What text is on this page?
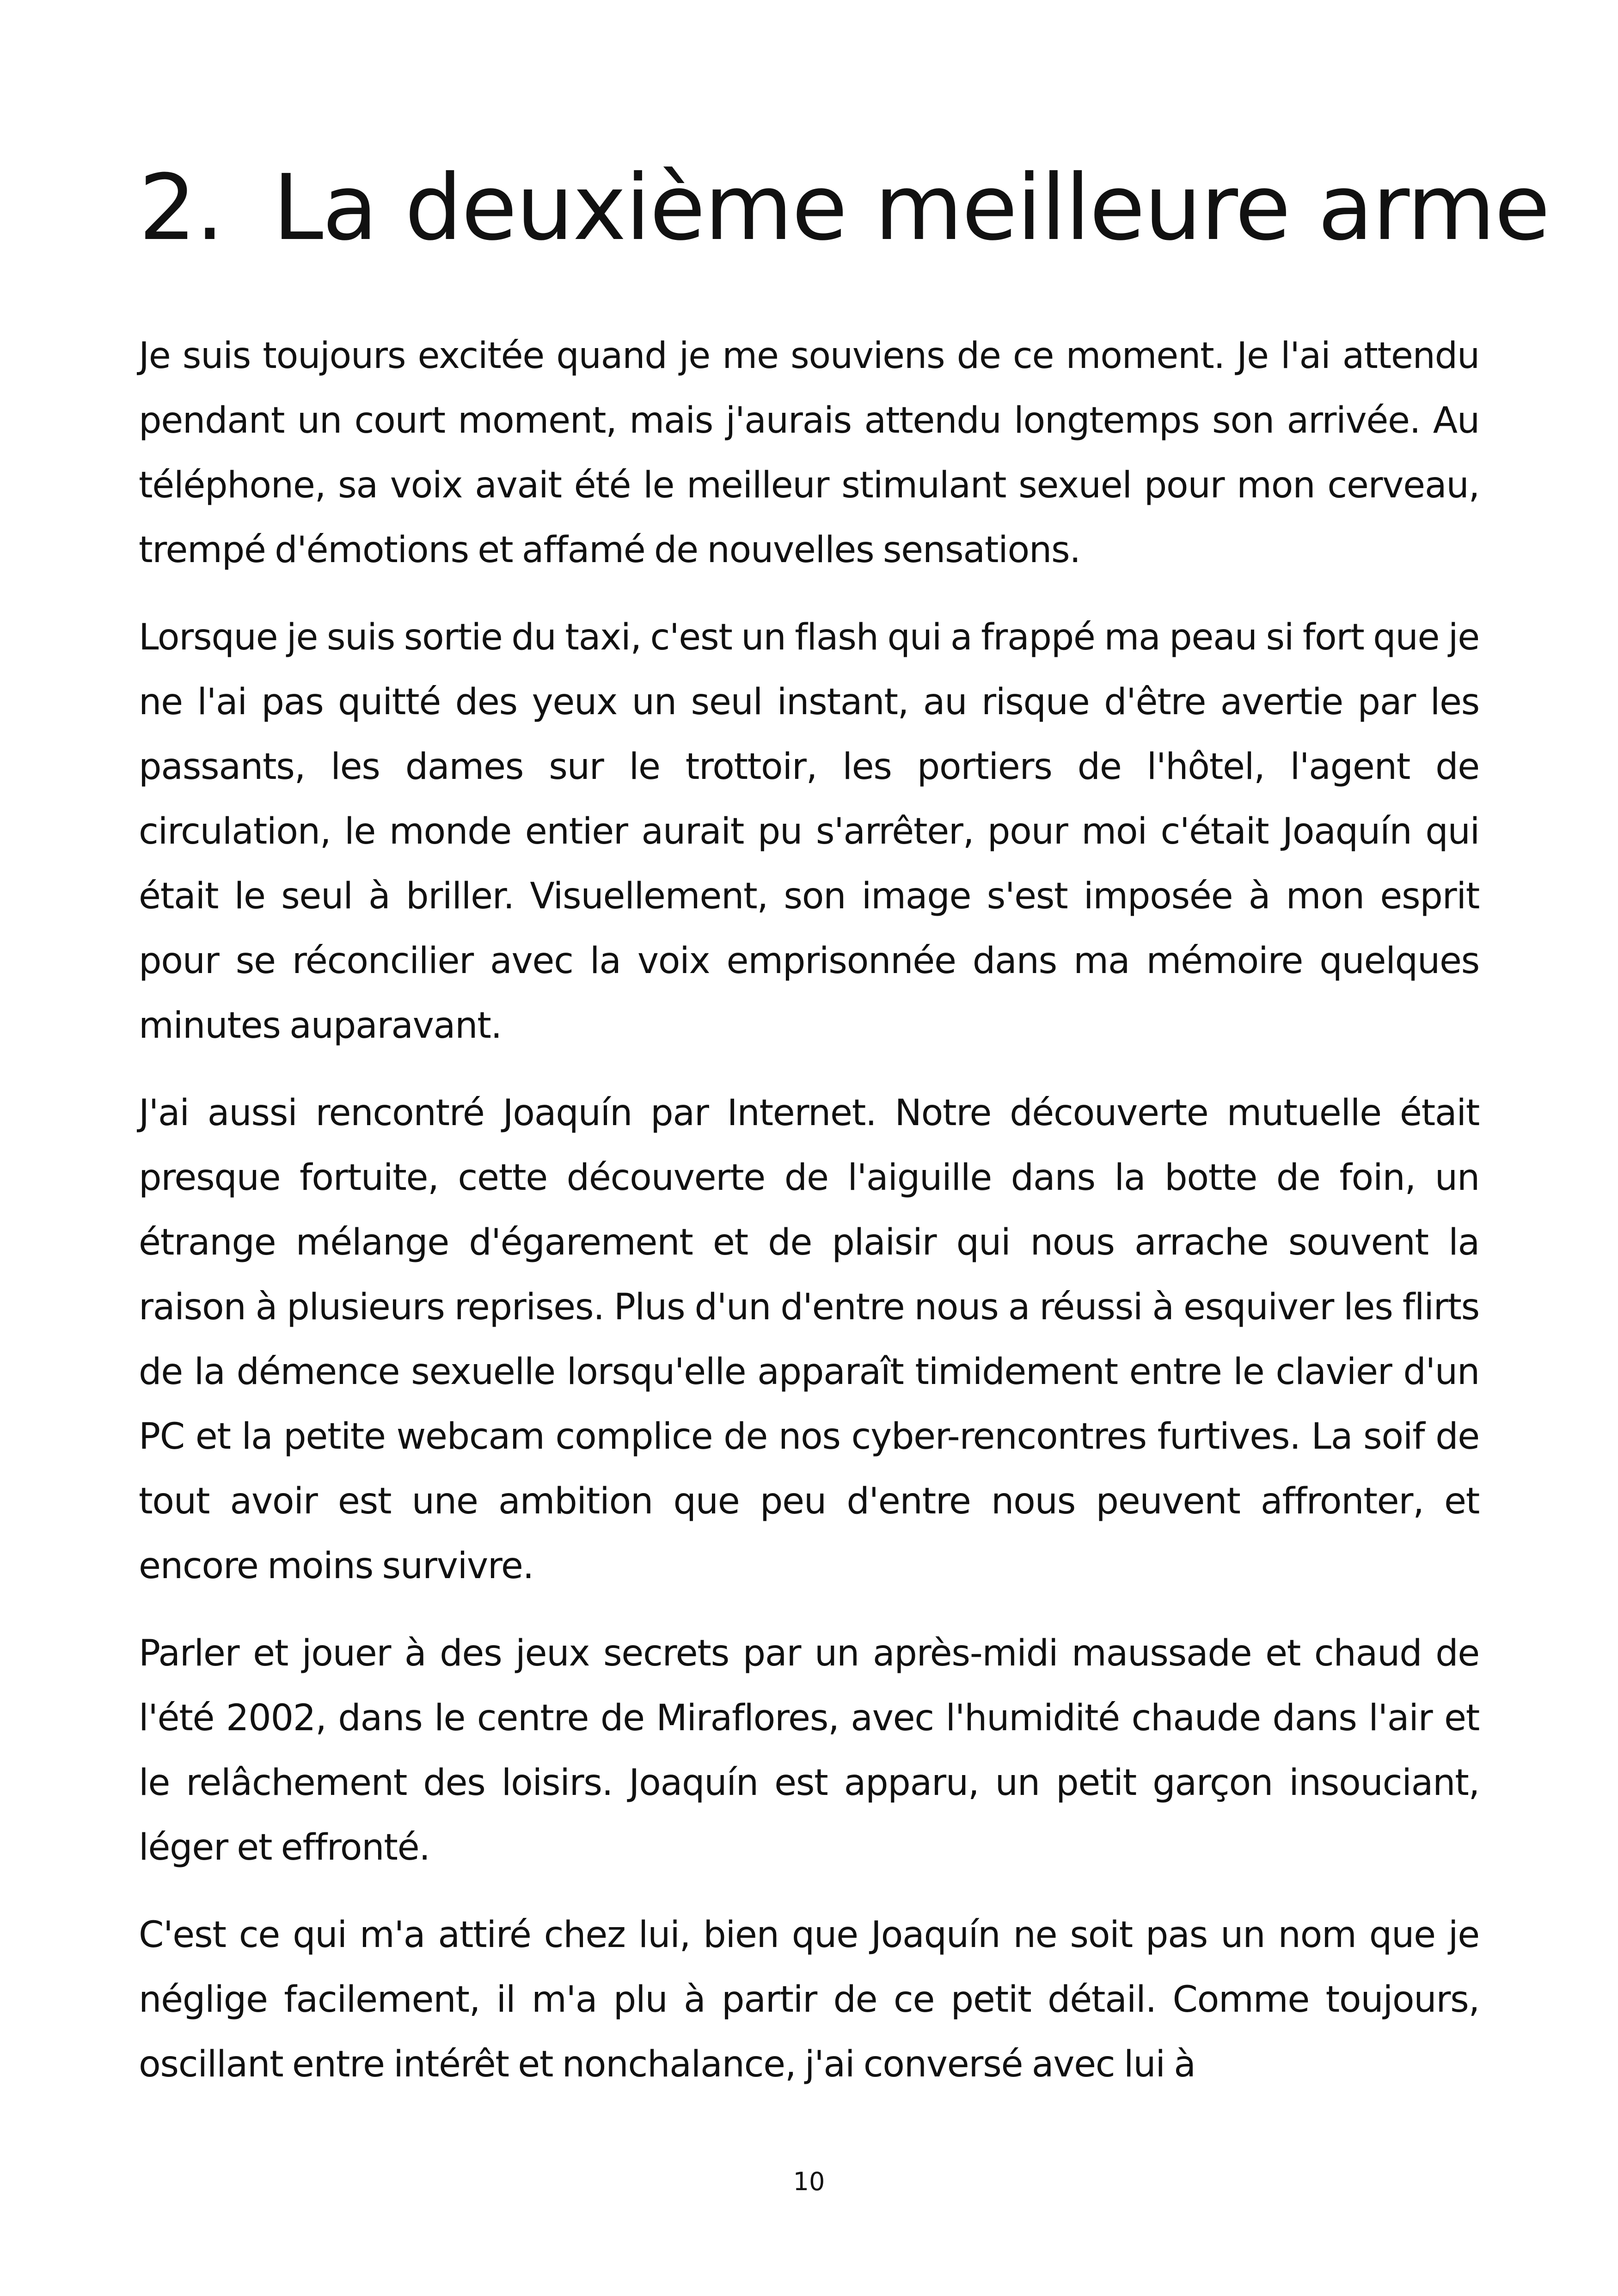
2. La deuxième meilleure arme

Je suis toujours excitée quand je me souviens de ce moment. Je l'ai attendu pendant un court moment, mais j'aurais attendu longtemps son arrivée. Au téléphone, sa voix avait été le meilleur stimulant sexuel pour mon cerveau, trempé d'émotions et affamé de nouvelles sensations.

Lorsque je suis sortie du taxi, c'est un flash qui a frappé ma peau si fort que je ne l'ai pas quitté des yeux un seul instant, au risque d'être avertie par les passants, les dames sur le trottoir, les portiers de l'hôtel, l'agent de circulation, le monde entier aurait pu s'arrêter, pour moi c'était Joaquín qui était le seul à briller. Visuellement, son image s'est imposée à mon esprit pour se réconcilier avec la voix emprisonnée dans ma mémoire quelques minutes auparavant.

J'ai aussi rencontré Joaquín par Internet. Notre découverte mutuelle était presque fortuite, cette découverte de l'aiguille dans la botte de foin, un étrange mélange d'égarement et de plaisir qui nous arrache souvent la raison à plusieurs reprises. Plus d'un d'entre nous a réussi à esquiver les flirts de la démence sexuelle lorsqu'elle apparaît timidement entre le clavier d'un PC et la petite webcam complice de nos cyber-rencontres furtives. La soif de tout avoir est une ambition que peu d'entre nous peuvent affronter, et encore moins survivre.

Parler et jouer à des jeux secrets par un après-midi maussade et chaud de l'été 2002, dans le centre de Miraflores, avec l'humidité chaude dans l'air et le relâchement des loisirs. Joaquín est apparu, un petit garçon insouciant, léger et effronté.

C'est ce qui m'a attiré chez lui, bien que Joaquín ne soit pas un nom que je néglige facilement, il m'a plu à partir de ce petit détail. Comme toujours, oscillant entre intérêt et nonchalance, j'ai conversé avec lui à

10
